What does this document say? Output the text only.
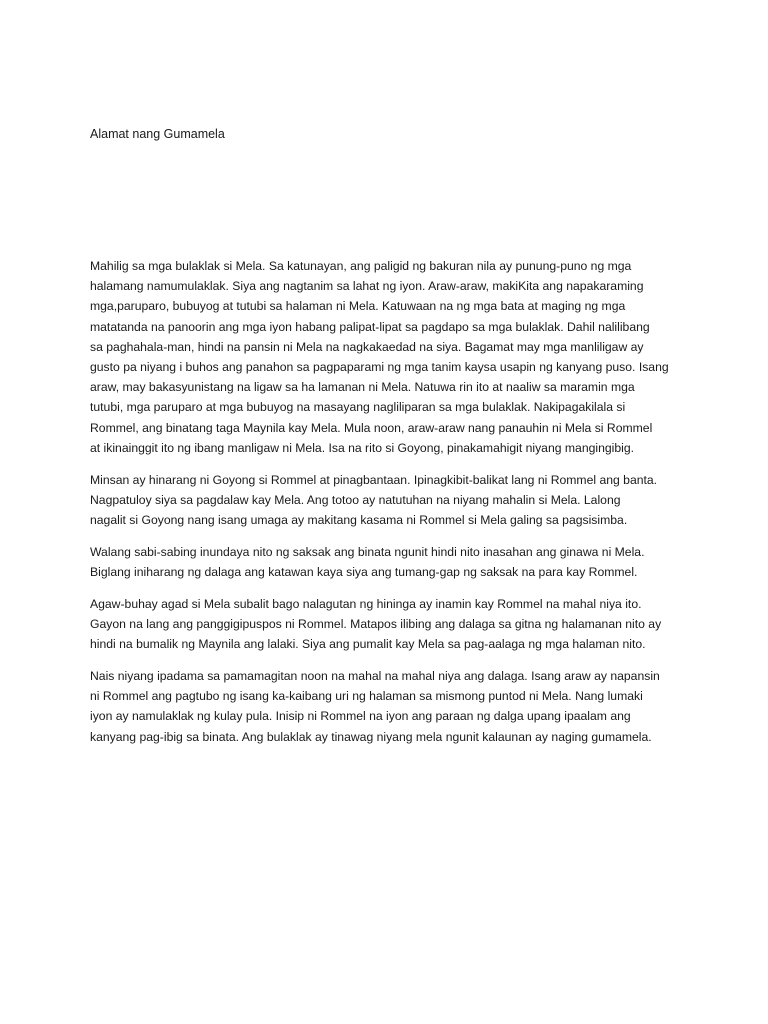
Alamat nang Gumamela
Mahilig sa mga bulaklak si Mela. Sa katunayan, ang paligid ng bakuran nila ay punung-puno ng mga
halamang namumulaklak. Siya ang nagtanim sa lahat ng iyon. Araw-araw, makiKita ang napakaraming
mga,paruparo, bubuyog at tutubi sa halaman ni Mela. Katuwaan na ng mga bata at maging ng mga
matatanda na panoorin ang mga iyon habang palipat-lipat sa pagdapo sa mga bulaklak. Dahil nalilibang
sa paghahala-man, hindi na pansin ni Mela na nagkakaedad na siya. Bagamat may mga manliligaw ay
gusto pa niyang i buhos ang panahon sa pagpaparami ng mga tanim kaysa usapin ng kanyang puso. Isang
araw, may bakasyunistang na ligaw sa ha lamanan ni Mela. Natuwa rin ito at naaliw sa maramin mga
tutubi, mga paruparo at mga bubuyog na masayang nagliliparan sa mga bulaklak. Nakipagakilala si
Rommel, ang binatang taga Maynila kay Mela. Mula noon, araw-araw nang panauhin ni Mela si Rommel
at ikinainggit ito ng ibang manligaw ni Mela. Isa na rito si Goyong, pinakamahigit niyang mangingibig.
Minsan ay hinarang ni Goyong si Rommel at pinagbantaan. Ipinagkibit-balikat lang ni Rommel ang banta.
Nagpatuloy siya sa pagdalaw kay Mela. Ang totoo ay natutuhan na niyang mahalin si Mela. Lalong
nagalit si Goyong nang isang umaga ay makitang kasama ni Rommel si Mela galing sa pagsisimba.
Walang sabi-sabing inundaya nito ng saksak ang binata ngunit hindi nito inasahan ang ginawa ni Mela.
Biglang iniharang ng dalaga ang katawan kaya siya ang tumang-gap ng saksak na para kay Rommel.
Agaw-buhay agad si Mela subalit bago nalagutan ng hininga ay inamin kay Rommel na mahal niya ito.
Gayon na lang ang panggigipuspos ni Rommel. Matapos ilibing ang dalaga sa gitna ng halamanan nito ay
hindi na bumalik ng Maynila ang lalaki. Siya ang pumalit kay Mela sa pag-aalaga ng mga halaman nito.
Nais niyang ipadama sa pamamagitan noon na mahal na mahal niya ang dalaga. Isang araw ay napansin
ni Rommel ang pagtubo ng isang ka-kaibang uri ng halaman sa mismong puntod ni Mela. Nang lumaki
iyon ay namulaklak ng kulay pula. Inisip ni Rommel na iyon ang paraan ng dalga upang ipaalam ang
kanyang pag-ibig sa binata. Ang bulaklak ay tinawag niyang mela ngunit kalaunan ay naging gumamela.
